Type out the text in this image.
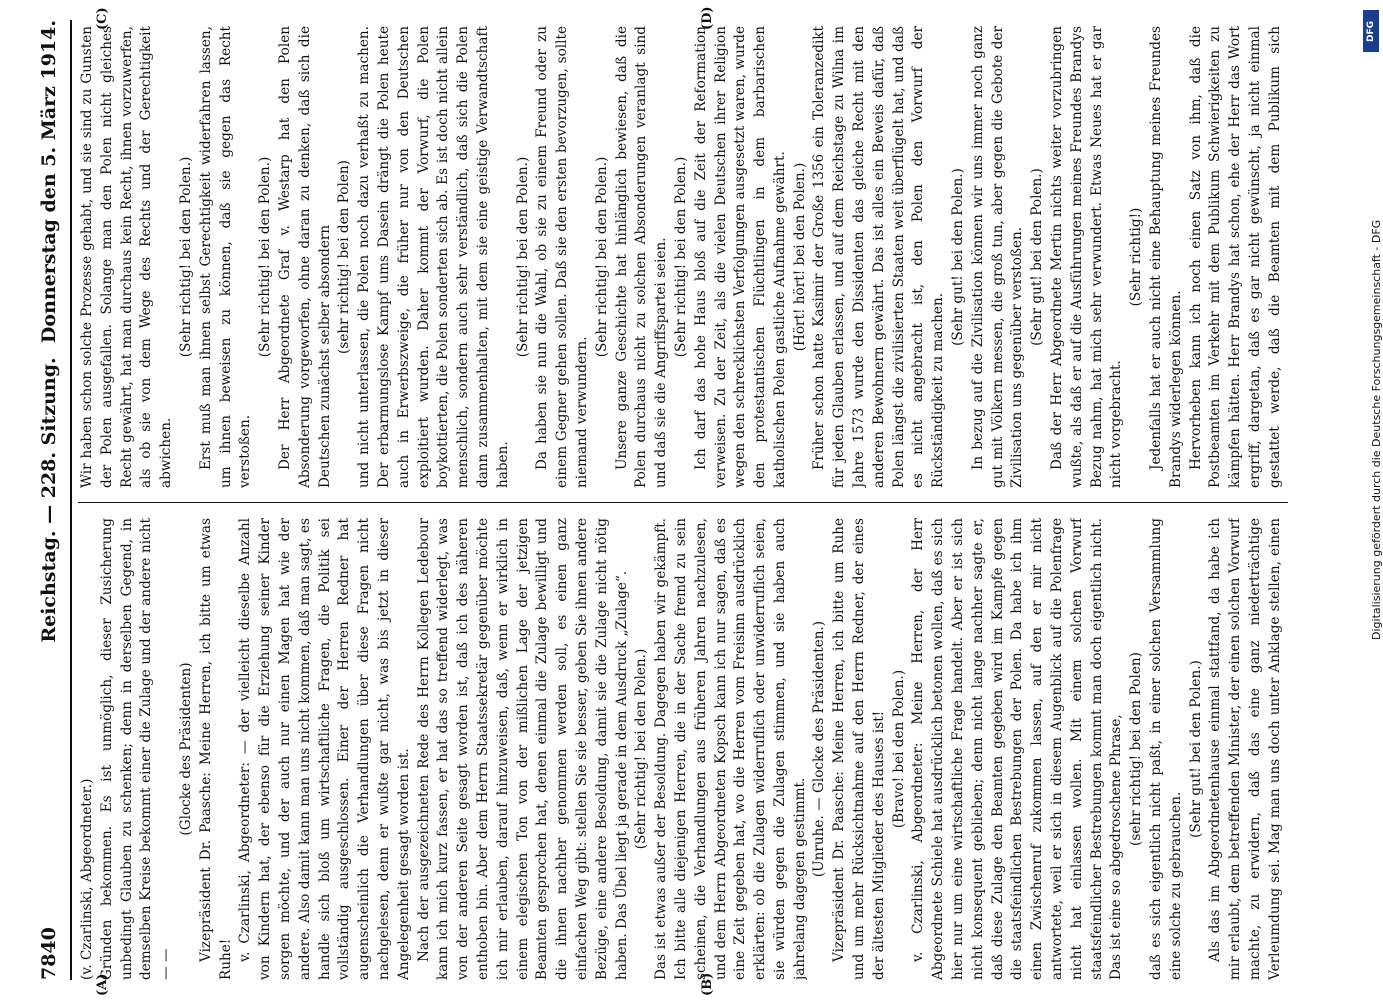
DFG
Digitalisierung gefördert durch die Deutsche Forschungsgemeinschaft - DFG
7840
Reichstag. — 228. Sitzung.
Donnerstag den 5. März 1914.
(A)	(B)
(C)	(D)

(v. Czarlinski, Abgeordneter.) Gründen bekommen. Es ist unmöglich, dieser Zusicherung unbedingt Glauben zu schenken; denn in derselben Gegend, in demselben Kreise bekommt einer die Zulage und der andere nicht — —

(Glocke des Präsidenten) Vizepräsident Dr. Paasche: Meine Herren, ich bitte um etwas Ruhe! v. Czarlinski, Abgeordneter: — der vielleicht dieselbe Anzahl von Kindern hat, der ebenso für die Erziehung seiner Kinder sorgen möchte, und der auch nur einen Magen hat wie der andere. Also damit kann man uns nicht kommen, daß man sagt, es handle sich bloß um wirtschaftliche Fragen, die Politik sei vollständig ausgeschlossen. Einer der Herren Redner hat augenscheinlich die Verhandlungen über diese Fragen nicht nachgelesen, denn er wußte gar nicht, was bis jetzt in dieser Angelegenheit gesagt worden ist. Nach der ausgezeichneten Rede des Herrn Kollegen Ledebour kann ich mich kurz fassen, er hat das so treffend widerlegt, was von der anderen Seite gesagt worden ist, daß ich des näheren enthoben bin. Aber dem Herrn Staatssekretär gegenüber möchte ich mir erlauben, darauf hinzuweisen, daß, wenn er wirklich in einem elegischen Ton von der mißlichen Lage der jetzigen Beamten gesprochen hat, denen einmal die Zulage bewilligt und die ihnen nachher genommen werden soll, es einen ganz einfachen Weg gibt: stellen Sie sie besser, geben Sie ihnen andere Bezüge, eine andere Besoldung, damit sie die Zulage nicht nötig haben. Das Übel liegt ja gerade in dem Ausdruck „Zulage“. (Sehr richtig! bei den Polen.) Das ist etwas außer der Besoldung. Dagegen haben wir gekämpft. Ich bitte alle diejenigen Herren, die in der Sache fremd zu sein scheinen, die Verhandlungen aus früheren Jahren nachzulesen, und dem Herrn Abgeordneten Kopsch kann ich nur sagen, daß es eine Zeit gegeben hat, wo die Herren vom Freisinn ausdrücklich erklärten: ob die Zulagen widerruflich oder unwiderruflich seien, sie würden gegen die Zulagen stimmen, und sie haben auch jahrelang dagegen gestimmt.

(Unruhe. — Glocke des Präsidenten.) Vizepräsident Dr. Paasche: Meine Herren, ich bitte um Ruhe und um mehr Rücksichtnahme auf den Herrn Redner, der eines der ältesten Mitglieder des Hauses ist! (Bravo! bei den Polen.) v. Czarlinski, Abgeordneter: Meine Herren, der Herr Abgeordnete Schiele hat ausdrücklich betonen wollen, daß es sich hier nur um eine wirtschaftliche Frage handelt. Aber er ist sich nicht konsequent geblieben; denn nicht lange nachher sagte er, daß diese Zulage den Beamten gegeben wird im Kampfe gegen die staatsfeindlichen Bestrebungen der Polen. Da habe ich ihm einen Zwischenruf zukommen lassen, auf den er mir nicht antwortete, weil er sich in diesem Augenblick auf die Polenfrage nicht hat einlassen wollen. Mit einem solchen Vorwurf staatsfeindlicher Bestrebungen kommt man doch eigentlich nicht. Das ist eine so abgedroschene Phrase, (sehr richtig! bei den Polen) daß es sich eigentlich nicht paßt, in einer solchen Versammlung eine solche zu gebrauchen.

(Sehr gut! bei den Polen.)

Als das im Abgeordnetenhause einmal stattfand, da habe ich mir erlaubt, dem betreffenden Minister, der einen solchen Vorwurf machte, zu erwidern, daß das eine ganz niederträchtige Verleumdung sei. Mag man uns doch unter Anklage stellen, einen

Wir haben schon solche Prozesse gehabt, und sie sind zu Gunsten der Polen ausgefallen. Solange man den Polen nicht gleiches Recht gewährt, hat man durchaus kein Recht, ihnen vorzuwerfen, als ob sie von dem Wege des Rechts und der Gerechtigkeit abwichen.

(Sehr richtig! bei den Polen.) Erst muß man ihnen selbst Gerechtigkeit widerfahren lassen, um ihnen beweisen zu können, daß sie gegen das Recht verstoßen.

(Sehr richtig! bei den Polen.) Der Herr Abgeordnete Graf v. Westarp hat den Polen Absonderung vorgeworfen, ohne daran zu denken, daß sich die Deutschen zunächst selber absondern (sehr richtig! bei den Polen) und nicht unterlassen, die Polen noch dazu verhaßt zu machen. Der erbarmungslose Kampf ums Dasein drängt die Polen heute auch in Erwerbszweige, die früher nur von den Deutschen exploitiert wurden. Daher kommt der Vorwurf, die Polen boykottierten, die Polen sonderten sich ab. Es ist doch nicht allein menschlich, sondern auch sehr verständlich, daß sich die Polen dann zusammenhalten, mit dem sie eine geistige Verwandtschaft haben.

(Sehr richtig! bei den Polen.) Da haben sie nun die Wahl, ob sie zu einem Freund oder zu einem Gegner gehen sollen. Daß sie den ersten bevorzugen, sollte niemand verwundern.

(Sehr richtig! bei den Polen.) Unsere ganze Geschichte hat hinlänglich bewiesen, daß die Polen durchaus nicht zu solchen Absonderungen veranlagt sind und daß sie die Angriffspartei seien. (Sehr richtig! bei den Polen.) Ich darf das hohe Haus bloß auf die Zeit der Reformation verweisen. Zu der Zeit, als die vielen Deutschen ihrer Religion wegen den schrecklichsten Verfolgungen ausgesetzt waren, wurde den protestantischen Flüchtlingen in dem barbarischen katholischen Polen gastliche Aufnahme gewährt. (Hört! hört! bei den Polen.) Früher schon hatte Kasimir der Große 1356 ein Toleranzedikt für jeden Glauben erlassen, und auf dem Reichstage zu Wilna im Jahre 1573 wurde den Dissidenten das gleiche Recht mit den anderen Bewohnern gewährt. Das ist alles ein Beweis dafür, daß Polen längst die zivilisierten Staaten weit überflügelt hat, und daß es nicht angebracht ist, den Polen den Vorwurf der Rückständigkeit zu machen.

(Sehr gut! bei den Polen.) In bezug auf die Zivilisation können wir uns immer noch ganz gut mit Völkern messen, die groß tun, aber gegen die Gebote der Zivilisation uns gegenüber verstoßen. (Sehr gut! bei den Polen.) Daß der Herr Abgeordnete Mertin nichts weiter vorzubringen wußte, als daß er auf die Ausführungen meines Freundes Brandys Bezug nahm, hat mich sehr verwundert. Etwas Neues hat er gar nicht vorgebracht.

(Sehr richtig!) Jedenfalls hat er auch nicht eine Behauptung meines Freundes Brandys widerlegen können. Hervorheben kann ich noch einen Satz von ihm, daß die Postbeamten im Verkehr mit dem Publikum Schwierigkeiten zu kämpfen hätten. Herr Brandys hat schon, ehe der Herr das Wort ergriff, dargetan, daß es gar nicht gewünscht, ja nicht einmal gestattet werde, daß die Beamten mit dem Publikum sich
